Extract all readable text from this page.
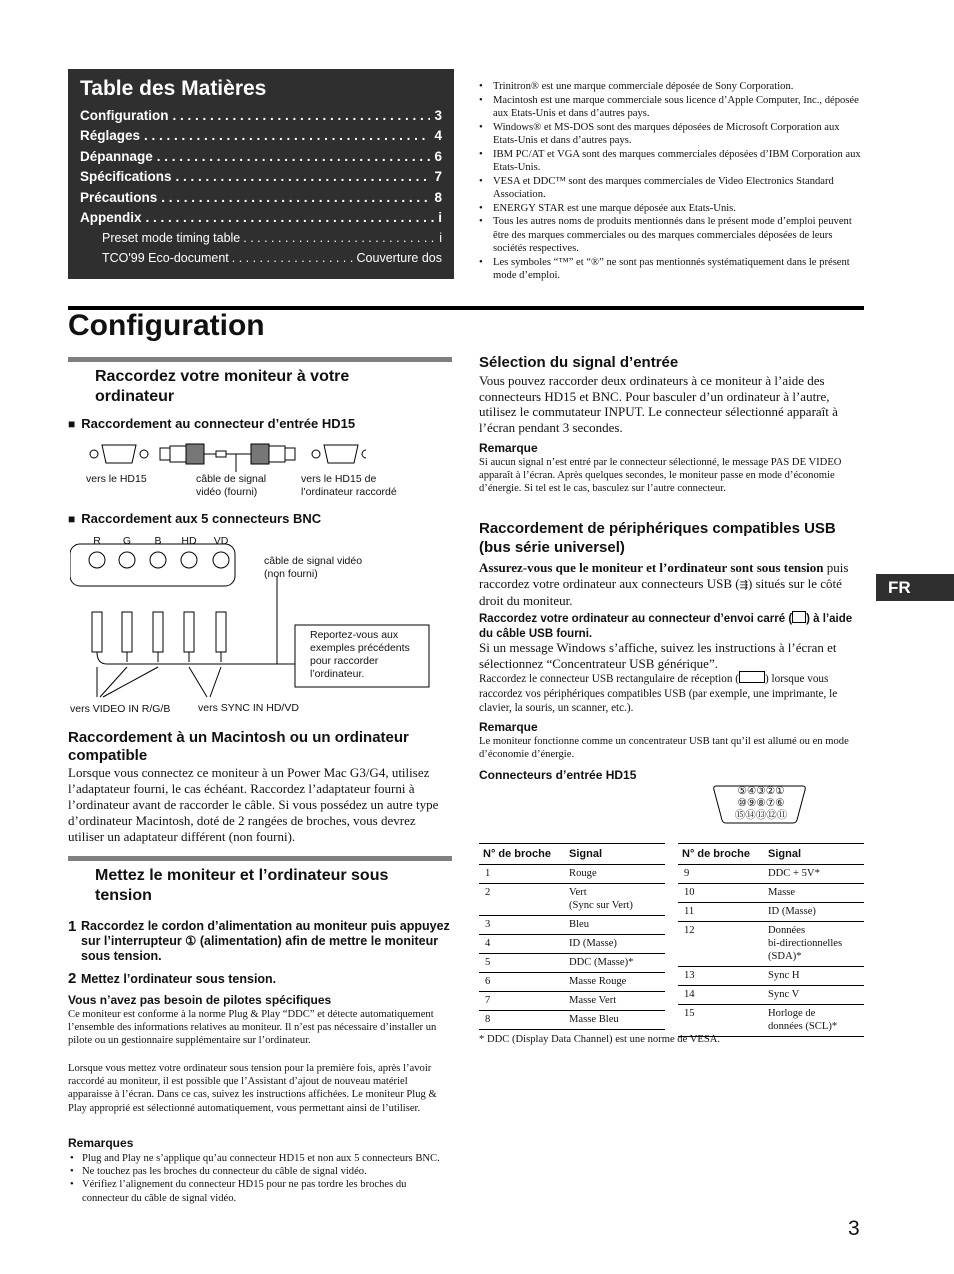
Table des Matières
Configuration . . .	3
Réglages . . .	4
Dépannage . . .	6
Spécifications . . .	7
Précautions . . .	8
Appendix . . .	i
Preset mode timing table . . .	i
TCO'99 Eco-document . . .	Couverture dos
• Trinitron® est une marque commerciale déposée de Sony Corporation.
• Macintosh est une marque commerciale sous licence d’Apple Computer, Inc., déposée aux Etats-Unis et dans d’autres pays.
• Windows® et MS-DOS sont des marques déposées de Microsoft Corporation aux Etats-Unis et dans d’autres pays.
• IBM PC/AT et VGA sont des marques commerciales déposées d’IBM Corporation aux Etats-Unis.
• VESA et DDC™ sont des marques commerciales de Video Electronics Standard Association.
• ENERGY STAR est une marque déposée aux Etats-Unis.
• Tous les autres noms de produits mentionnés dans le présent mode d’emploi peuvent être des marques commerciales ou des marques commerciales déposées de leurs sociétés respectives.
• Les symboles “™” et “®” ne sont pas mentionnés systématiquement dans le présent mode d’emploi.
Configuration
Raccordez votre moniteur à votre ordinateur
■ Raccordement au connecteur d’entrée HD15
vers le HD15	câble de signal vidéo (fourni)
vers le HD15 de l’ordinateur raccordé
■ Raccordement aux 5 connecteurs BNC
R	G	B	HD VD
câble de signal vidéo (non fourni)
Reportez-vous aux exemples précédents pour raccorder l’ordinateur.
vers VIDEO IN R/G/B	vers SYNC IN HD/VD
Raccordement à un Macintosh ou un ordinateur compatible
Lorsque vous connectez ce moniteur à un Power Mac G3/G4, utilisez l’adaptateur fourni, le cas échéant. Raccordez l’adaptateur fourni à l’ordinateur avant de raccorder le câble. Si vous possédez un autre type d’ordinateur Macintosh, doté de 2 rangées de broches, vous devrez utiliser un adaptateur différent (non fourni).
Mettez le moniteur et l’ordinateur sous tension
1 Raccordez le cordon d’alimentation au moniteur puis appuyez sur l’interrupteur ① (alimentation) afin de mettre le moniteur sous tension.
2 Mettez l’ordinateur sous tension.
Vous n’avez pas besoin de pilotes spécifiques
Ce moniteur est conforme à la norme Plug & Play “DDC” et détecte automatiquement l’ensemble des informations relatives au moniteur. Il n’est pas nécessaire d’installer un pilote ou un gestionnaire supplémentaire sur l’ordinateur.
Lorsque vous mettez votre ordinateur sous tension pour la première fois, après l’avoir raccordé au moniteur, il est possible que l’Assistant d’ajout de nouveau matériel apparaisse à l’écran. Dans ce cas, suivez les instructions affichées. Le moniteur Plug & Play approprié est sélectionné automatiquement, vous permettant ainsi de l’utiliser.
Remarques
• Plug and Play ne s’applique qu’au connecteur HD15 et non aux 5 connecteurs BNC.
• Ne touchez pas les broches du connecteur du câble de signal vidéo.
• Vérifiez l’alignement du connecteur HD15 pour ne pas tordre les broches du connecteur du câble de signal vidéo.
Sélection du signal d’entrée
Vous pouvez raccorder deux ordinateurs à ce moniteur à l’aide des connecteurs HD15 et BNC. Pour basculer d’un ordinateur à l’autre, utilisez le commutateur INPUT. Le connecteur sélectionné apparaît à l’écran pendant 3 secondes.
Remarque
Si aucun signal n’est entré par le connecteur sélectionné, le message PAS DE VIDEO apparaît à l’écran. Après quelques secondes, le moniteur passe en mode d’économie d’énergie. Si tel est le cas, basculez sur l’autre connecteur.
Raccordement de périphériques compatibles USB (bus série universel)
Assurez-vous que le moniteur et l’ordinateur sont sous tension puis raccordez votre ordinateur aux connecteurs USB (⇶) situés sur le côté droit du moniteur.
Raccordez votre ordinateur au connecteur d’envoi carré ( ) à l’aide du câble USB fourni.
Si un message Windows s’affiche, suivez les instructions à l’écran et sélectionnez “Concentrateur USB générique”.
Raccordez le connecteur USB rectangulaire de réception ( ) lorsque vous raccordez vos périphériques compatibles USB (par exemple, une imprimante, le clavier, la souris, un scanner, etc.).
Remarque
Le moniteur fonctionne comme un concentrateur USB tant qu’il est allumé ou en mode d’économie d’énergie.
Connecteurs d’entrée HD15
⑤④③②①
⑩⑨⑧⑦⑥
⑮⑭⑬⑫⑪
N° de broche	Signal
1	Rouge
2	Vert
(Sync sur Vert)
3	Bleu
4	ID (Masse)
5	DDC (Masse)*
6	Masse Rouge
7	Masse Vert
8	Masse Bleu
N° de broche	Signal
9	DDC + 5V*
10	Masse
11	ID (Masse)
12	Données
bi-directionnelles
(SDA)*
13	Sync H
14	Sync V
15	Horloge de
données (SCL)*
* DDC (Display Data Channel) est une norme de VESA.
FR
3
